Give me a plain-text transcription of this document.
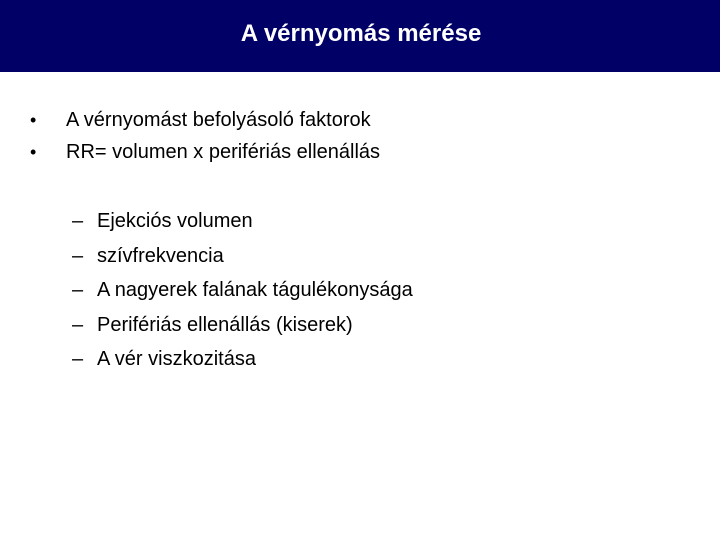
A vérnyomás mérése
•	A vérnyomást befolyásoló faktorok
•	RR= volumen x perifériás ellenállás
– Ejekciós volumen
– szívfrekvencia
– A nagyerek falának tágulékonysága
– Perifériás ellenállás (kiserek)
– A vér viszkozitása
